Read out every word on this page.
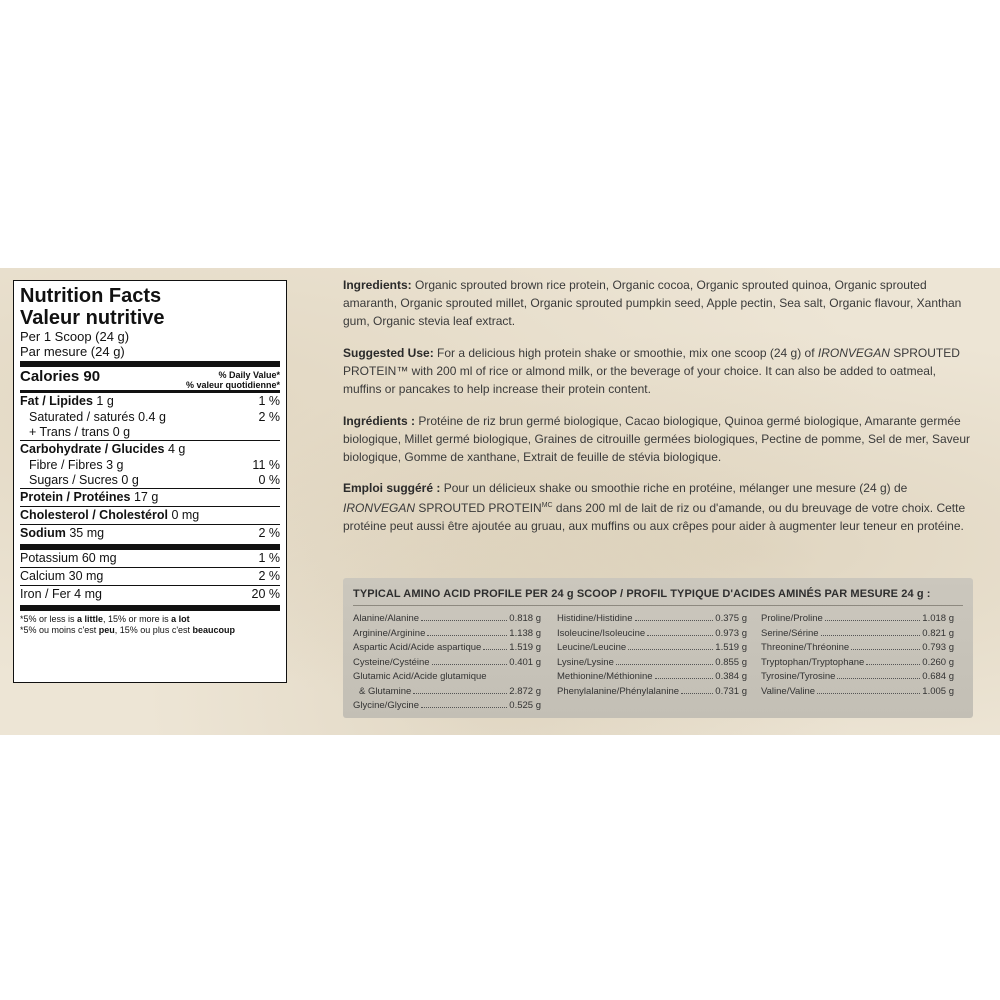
Nutrition Facts
Valeur nutritive
Per 1 Scoop (24 g)
Par mesure (24 g)
Calories 90	% Daily Value*
% valeur quotidienne*
Fat / Lipides 1 g	1 %
Saturated / saturés 0.4 g	2 %
+ Trans / trans 0 g
Carbohydrate / Glucides 4 g
Fibre / Fibres 3 g	11 %
Sugars / Sucres 0 g	0 %
Protein / Protéines 17 g
Cholesterol / Cholestérol 0 mg
Sodium 35 mg	2 %
Potassium 60 mg	1 %
Calcium 30 mg	2 %
Iron / Fer 4 mg	20 %
*5% or less is a little, 15% or more is a lot
*5% ou moins c'est peu, 15% ou plus c'est beaucoup
Ingredients: Organic sprouted brown rice protein, Organic cocoa, Organic sprouted quinoa, Organic sprouted amaranth, Organic sprouted millet, Organic sprouted pumpkin seed, Apple pectin, Sea salt, Organic flavour, Xanthan gum, Organic stevia leaf extract.
Suggested Use: For a delicious high protein shake or smoothie, mix one scoop (24 g) of IRONVEGAN SPROUTED PROTEIN™ with 200 ml of rice or almond milk, or the beverage of your choice. It can also be added to oatmeal, muffins or pancakes to help increase their protein content.
Ingrédients : Protéine de riz brun germé biologique, Cacao biologique, Quinoa germé biologique, Amarante germée biologique, Millet germé biologique, Graines de citrouille germées biologiques, Pectine de pomme, Sel de mer, Saveur biologique, Gomme de xanthane, Extrait de feuille de stévia biologique.
Emploi suggéré : Pour un délicieux shake ou smoothie riche en protéine, mélanger une mesure (24 g) de IRONVEGAN SPROUTED $PROTEIN^{MC}$ dans 200 ml de lait de riz ou d'amande, ou du breuvage de votre choix. Cette protéine peut aussi être ajoutée au gruau, aux muffins ou aux crêpes pour aider à augmenter leur teneur en protéine.
TYPICAL AMINO ACID PROFILE PER 24 g SCOOP / PROFIL TYPIQUE D'ACIDES AMINÉS PAR MESURE 24 g :
Alanine/Alanine	0.818 g
Arginine/Arginine	1.138 g
Aspartic Acid/Acide aspartique	1.519 g
Cysteine/Cystéine	0.401 g
Glutamic Acid/Acide glutamique
& Glutamine	2.872 g
Glycine/Glycine	0.525 g
Histidine/Histidine	0.375 g
Isoleucine/Isoleucine	0.973 g
Leucine/Leucine	1.519 g
Lysine/Lysine	0.855 g
Methionine/Méthionine	0.384 g
Phenylalanine/Phénylalanine	0.731 g
Proline/Proline	1.018 g
Serine/Sérine	0.821 g
Threonine/Thréonine	0.793 g
Tryptophan/Tryptophane	0.260 g
Tyrosine/Tyrosine	0.684 g
Valine/Valine	1.005 g
